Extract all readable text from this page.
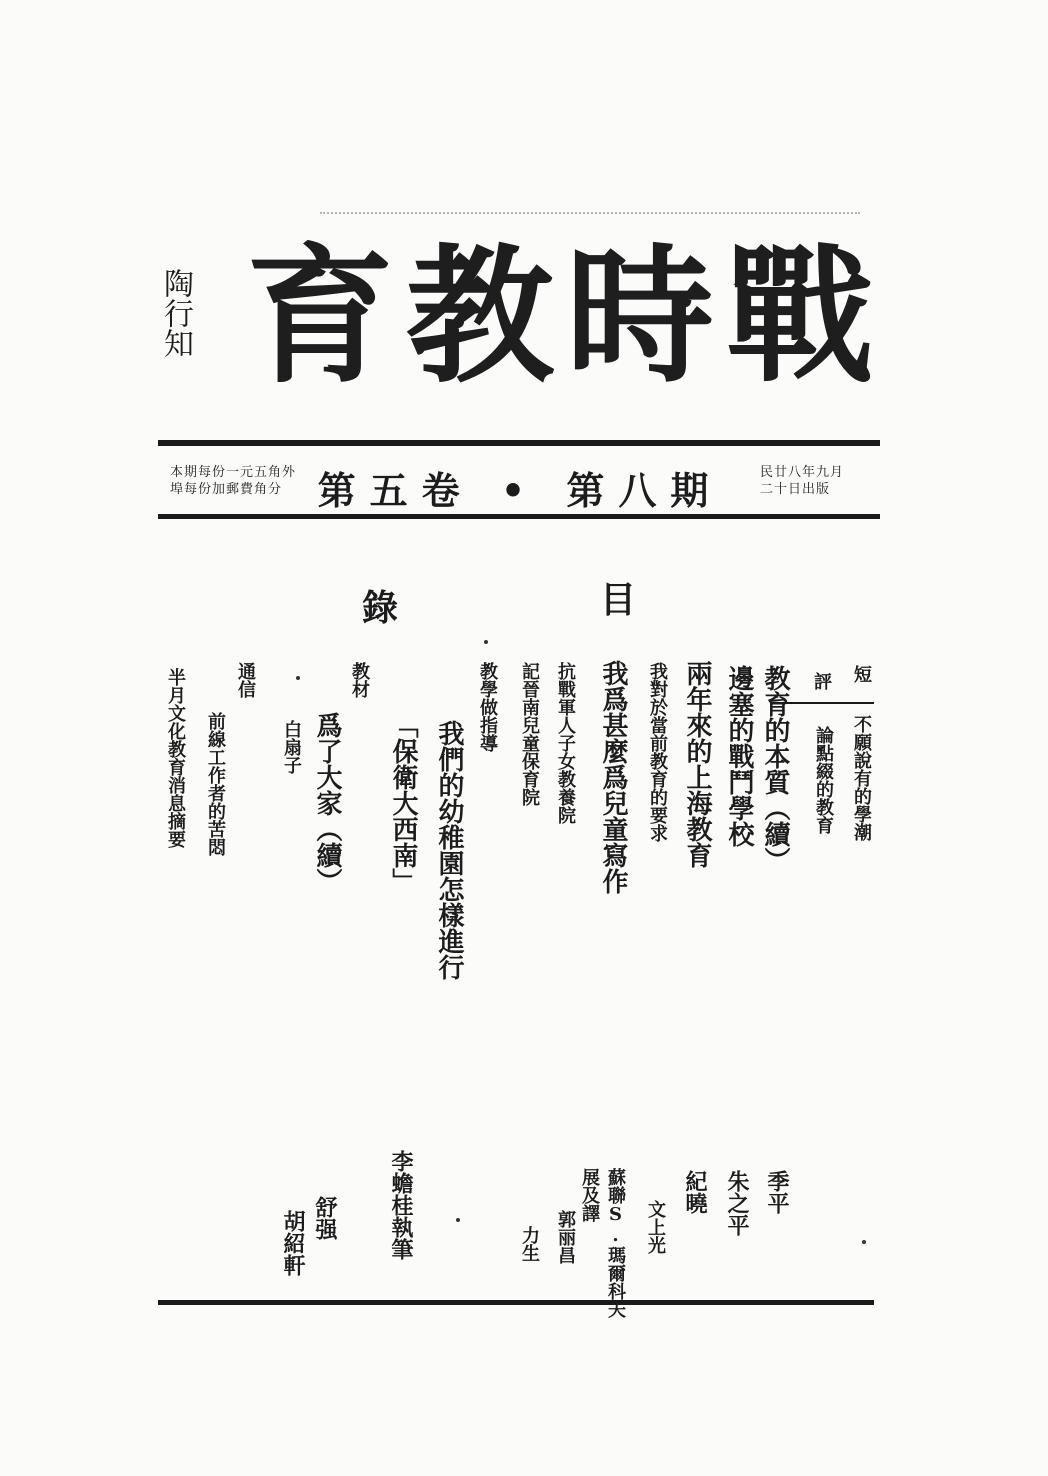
戰
時
教
育
陶行知
第五卷 • 第八期	民廿八年九月
二十日出版
本期每份一元五角外
埠每份加郵費角分
目
錄
短
評
不願說有的學潮
論點綴的教育
季平
教育的本質（續）
朱之平
邊塞的戰鬥學校
紀曉
兩年來的上海教育
文上光
我對於當前教育的要求
我爲甚麼爲兒童寫作
蘇聯S.瑪爾科夫
展及譯
抗戰軍人子女教養院
郭丽昌
記晉南兒童保育院
力生
教學做指導
我們的幼稚園怎樣進行
李蟾桂執筆
「保衛大西南」
教材
爲了大家（續）
舒强
白扇子
通信
前線工作者的苦悶
胡紹軒
半月文化教育消息摘要
